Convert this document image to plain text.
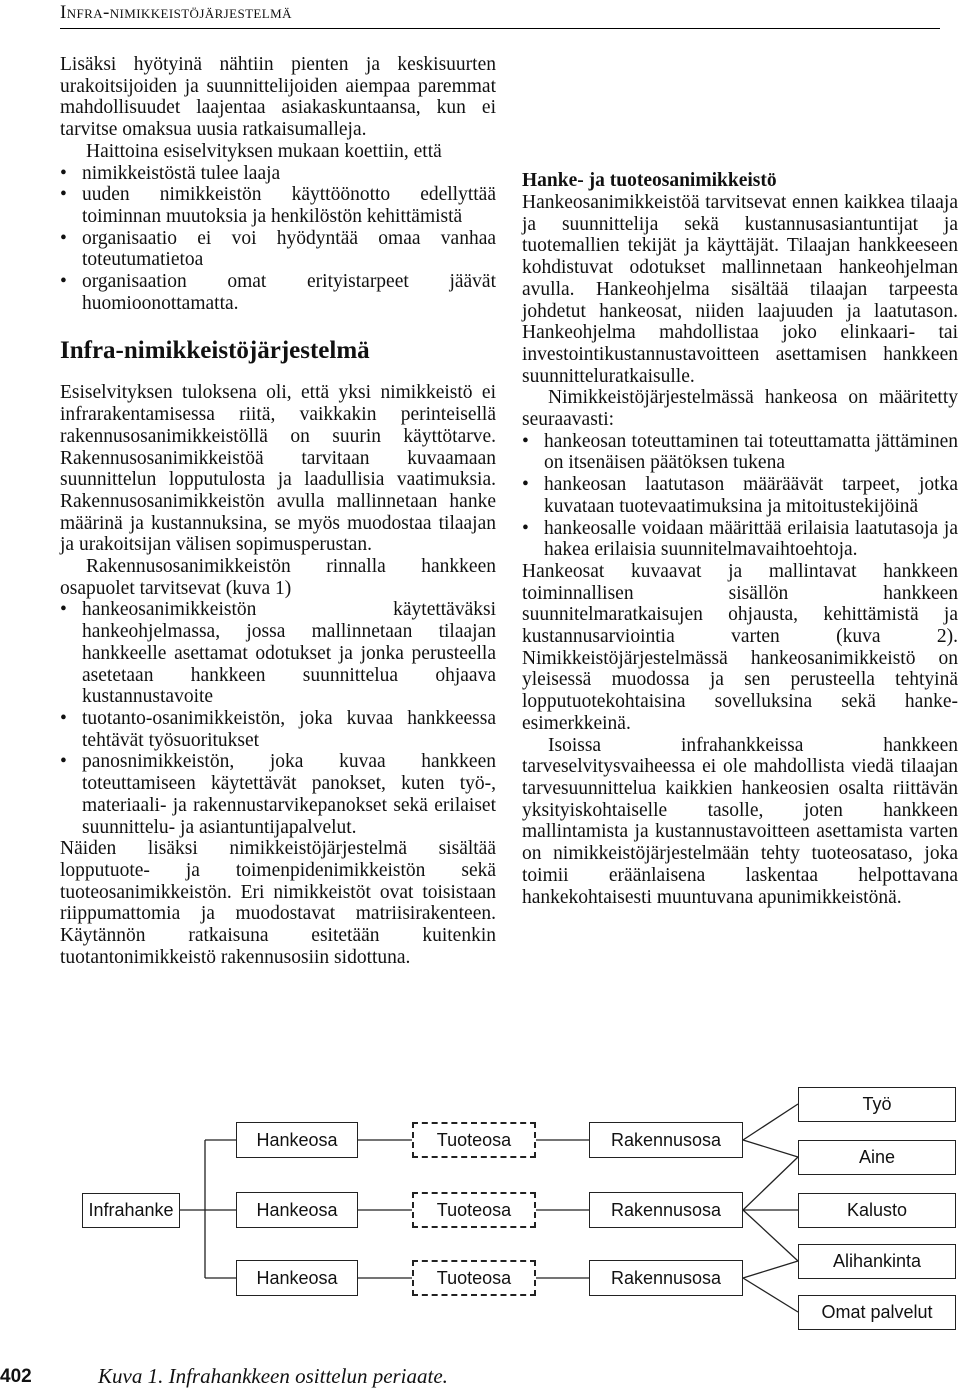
Infra-nimikkeistöjärjestelmä

Lisäksi hyötyinä nähtiin pienten ja keskisuurten urakoitsijoiden ja suunnittelijoiden aiempaa paremmat mahdollisuudet laajentaa asiakaskuntaansa, kun ei tarvitse omaksua uusia ratkaisumalleja.

Haittoina esiselvityksen mukaan koettiin, että

• nimikkeistöstä tulee laaja
• uuden nimikkeistön käyttöönotto edellyttää toiminnan muutoksia ja henkilöstön kehittämistä
• organisaatio ei voi hyödyntää omaa vanhaa toteutumatietoa
• organisaation omat erityistarpeet jäävät huomioonottamatta.
Infra-nimikkeistöjärjestelmä

Esiselvityksen tuloksena oli, että yksi nimikkeistö ei infrarakentamisessa riitä, vaikkakin perinteisellä rakennusosanimikkeistöllä on suurin käyttötarve. Rakennusosanimikkeistöä tarvitaan kuvaamaan suunnittelun lopputulosta ja laadullisia vaatimuksia. Rakennusosanimikkeistön avulla mallinnetaan hanke määrinä ja kustannuksina, se myös muodostaa tilaajan ja urakoitsijan välisen sopimusperustan.

Rakennusosanimikkeistön rinnalla hankkeen osapuolet tarvitsevat (kuva 1)

• hankeosanimikkeistön käytettäväksi hankeohjelmassa, jossa mallinnetaan tilaajan hankkeelle asettamat odotukset ja jonka perusteella asetetaan hankkeen suunnittelua ohjaava kustannustavoite
• tuotanto-osanimikkeistön, joka kuvaa hankkeessa tehtävät työsuoritukset
• panosnimikkeistön, joka kuvaa hankkeen toteuttamiseen käytettävät panokset, kuten työ-, materiaali- ja rakennustarvikepanokset sekä erilaiset suunnittelu- ja asiantuntijapalvelut.

Näiden lisäksi nimikkeistöjärjestelmä sisältää lopputuote- ja toimenpidenimikkeistön sekä tuoteosanimikkeistön. Eri nimikkeistöt ovat toisistaan riippumattomia ja muodostavat matriisirakenteen. Käytännön ratkaisuna esitetään kuitenkin tuotantonimikkeistö rakennusosiin sidottuna.

Hanke- ja tuoteosanimikkeistö

Hankeosanimikkeistöä tarvitsevat ennen kaikkea tilaaja ja suunnittelija sekä kustannusasiantuntijat ja tuotemallien tekijät ja käyttäjät. Tilaajan hankkeeseen kohdistuvat odotukset mallinnetaan hankeohjelman avulla. Hankeohjelma sisältää tilaajan tarpeesta johdetut hankeosat, niiden laajuuden ja laatutason. Hankeohjelma mahdollistaa joko elinkaari- tai investointikustannustavoitteen asettamisen hankkeen suunnitteluratkaisulle.

Nimikkeistöjärjestelmässä hankeosa on määritetty seuraavasti:

• hankeosan toteuttaminen tai toteuttamatta jättäminen on itsenäisen päätöksen tukena
• hankeosan laatutason määräävät tarpeet, jotka kuvataan tuotevaatimuksina ja mitoitustekijöinä
• hankeosalle voidaan määrittää erilaisia laatutasoja ja hakea erilaisia suunnitelmavaihtoehtoja.

Hankeosat kuvaavat ja mallintavat hankkeen toiminnallisen sisällön hankkeen suunnitelmaratkaisujen ohjausta, kehittämistä ja kustannusarviointia varten (kuva 2). Nimikkeistöjärjestelmässä hankeosanimikkeistö on yleisessä muodossa ja sen perusteella tehtyinä lopputuotekohtaisina sovelluksina sekä hanke-esimerkkeinä.

Isoissa infrahankkeissa hankkeen tarveselvitysvaiheessa ei ole mahdollista viedä tilaajan tarvesuunnittelua kaikkien hankeosien osalta riittävän yksityiskohtaiselle tasolle, joten hankkeen mallintamista ja kustannustavoitteen asettamista varten on nimikkeistöjärjestelmään tehty tuoteosataso, joka toimii eräänlaisena laskentaa helpottavana hankekohtaisesti muuntuvana apunimikkeistönä.

Infrahanke
Hankeosa
Hankeosa
Hankeosa
Tuoteosa
Tuoteosa
Tuoteosa
Rakennusosa
Rakennusosa
Rakennusosa
Työ
Aine
Kalusto
Alihankinta
Omat palvelut
402	Kuva 1. Infrahankkeen osittelun periaate.
